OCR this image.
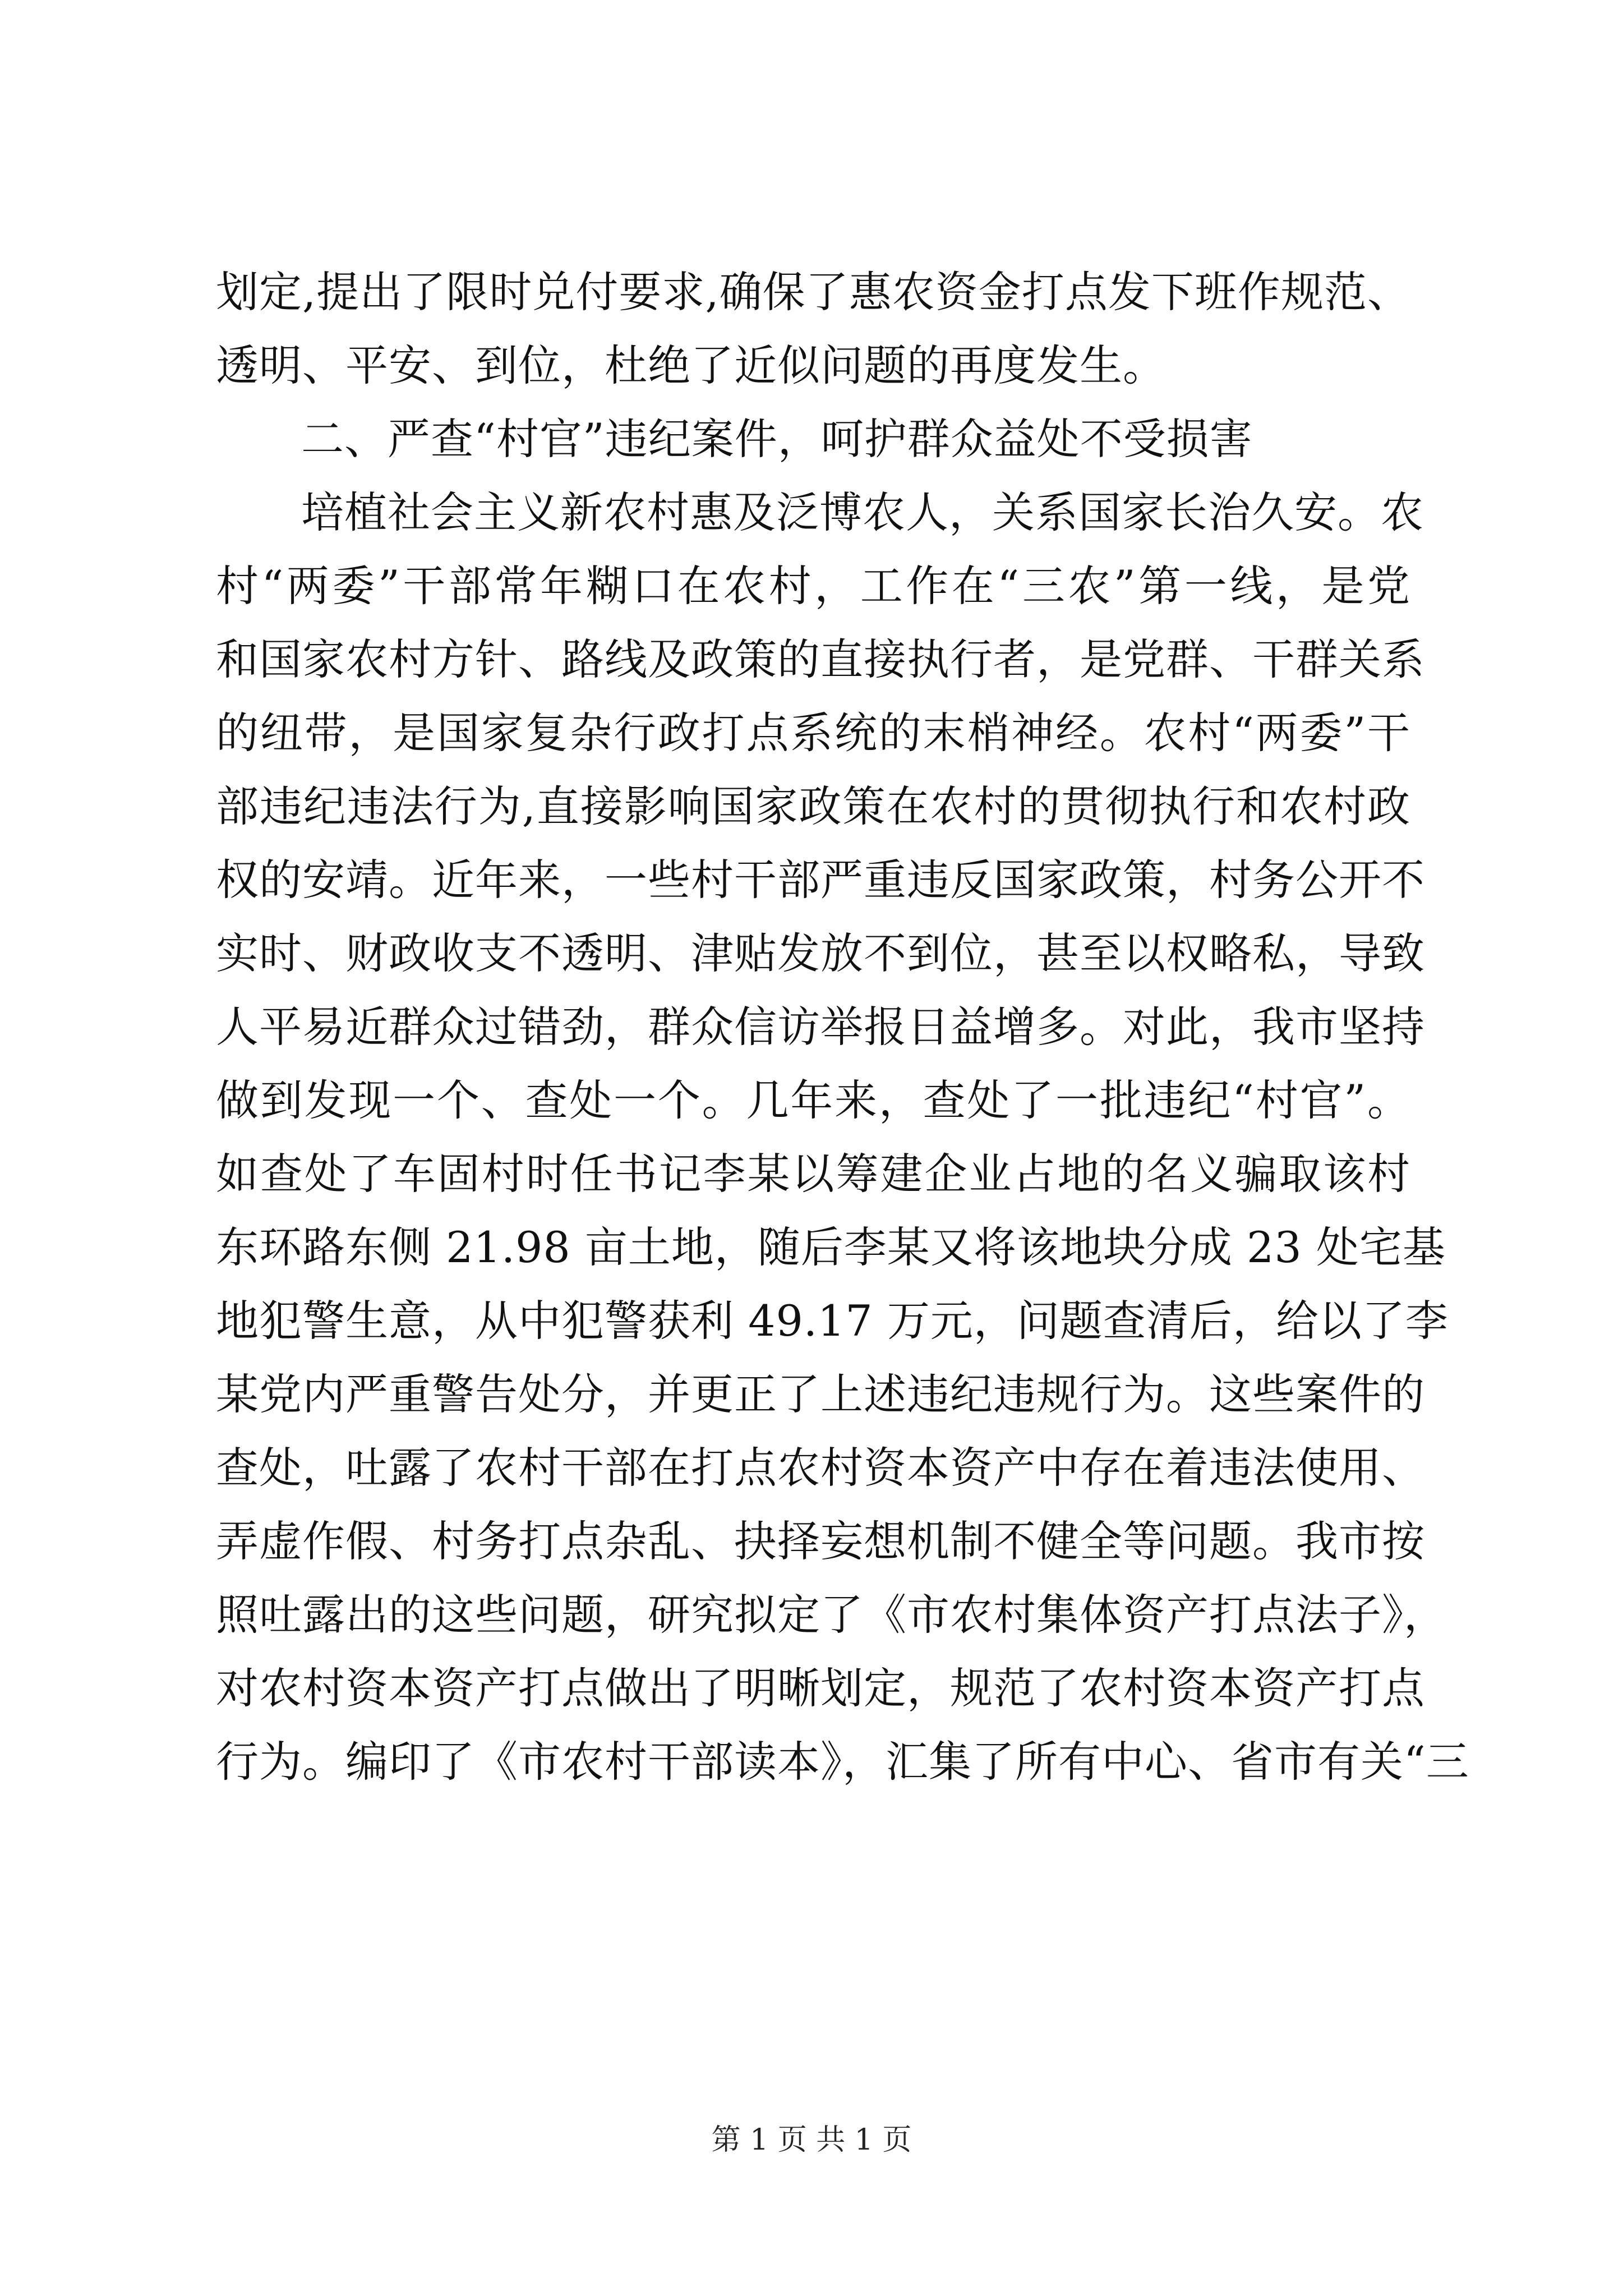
划定,提出了限时兑付要求,确保了惠农资金打点发下班作规范、
透明、平安、到位，杜绝了近似问题的再度发生。
二、严查“村官”违纪案件，呵护群众益处不受损害
培植社会主义新农村惠及泛博农人，关系国家长治久安。农
村“两委”干部常年糊口在农村，工作在“三农”第一线，是党
和国家农村方针、路线及政策的直接执行者，是党群、干群关系
的纽带，是国家复杂行政打点系统的末梢神经。农村“两委”干
部违纪违法行为,直接影响国家政策在农村的贯彻执行和农村政
权的安靖。近年来，一些村干部严重违反国家政策，村务公开不
实时、财政收支不透明、津贴发放不到位，甚至以权略私，导致
人平易近群众过错劲，群众信访举报日益增多。对此，我市坚持
做到发现一个、查处一个。几年来，查处了一批违纪“村官”。
如查处了车固村时任书记李某以筹建企业占地的名义骗取该村
东环路东侧 21.98 亩土地，随后李某又将该地块分成 23 处宅基
地犯警生意，从中犯警获利 49.17 万元，问题查清后，给以了李
某党内严重警告处分，并更正了上述违纪违规行为。这些案件的
查处，吐露了农村干部在打点农村资本资产中存在着违法使用、
弄虚作假、村务打点杂乱、抉择妄想机制不健全等问题。我市按
照吐露出的这些问题，研究拟定了《市农村集体资产打点法子》，
对农村资本资产打点做出了明晰划定，规范了农村资本资产打点
行为。编印了《市农村干部读本》，汇集了所有中心、省市有关“三
第 1 页 共 1 页
